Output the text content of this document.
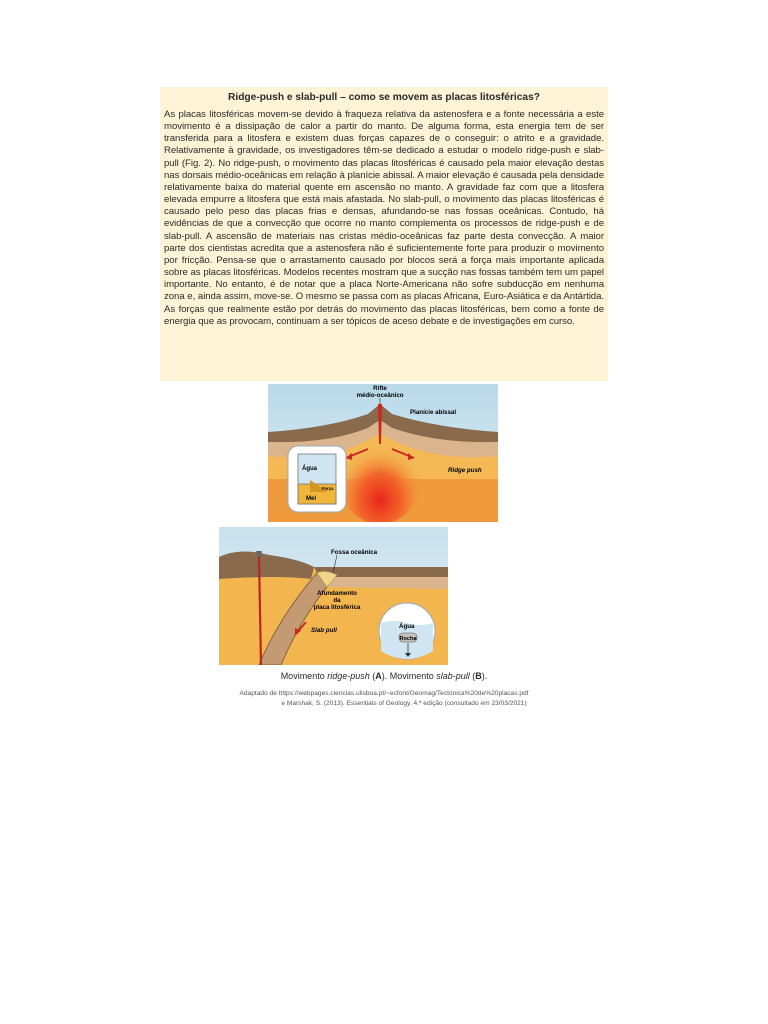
Ridge-push e slab-pull – como se movem as placas litosféricas?

As placas litosféricas movem-se devido à fraqueza relativa da astenosfera e a fonte necessária a este movimento é a dissipação de calor a partir do manto. De alguma forma, esta energia tem de ser transferida para a litosfera e existem duas forças capazes de o conseguir: o atrito e a gravidade. Relativamente à gravidade, os investigadores têm-se dedicado a estudar o modelo ridge-push e slab-pull (Fig. 2). No ridge-push, o movimento das placas litosféricas é causado pela maior elevação destas nas dorsais médio-oceânicas em relação à planície abissal. A maior elevação é causada pela densidade relativamente baixa do material quente em ascensão no manto. A gravidade faz com que a litosfera elevada empurre a litosfera que está mais afastada. No slab-pull, o movimento das placas litosféricas é causado pelo peso das placas frias e densas, afundando-se nas fossas oceânicas. Contudo, há evidências de que a convecção que ocorre no manto complementa os processos de ridge-push e de slab-pull. A ascensão de materiais nas cristas médio-oceânicas faz parte desta convecção. A maior parte dos cientistas acredita que a astenosfera não é suficientemente forte para produzir o movimento por fricção. Pensa-se que o arrastamento causado por blocos será a força mais importante aplicada sobre as placas litosféricas. Modelos recentes mostram que a sucção nas fossas também tem um papel importante. No entanto, é de notar que a placa Norte-Americana não sofre subducção em nenhuma zona e, ainda assim, move-se. O mesmo se passa com as placas Africana, Euro-Asiática e da Antártida. As forças que realmente estão por detrás do movimento das placas litosféricas, bem como a fonte de energia que as provocam, continuam a ser tópicos de aceso debate e de investigações em curso.

Rifte
médio-oceânico
Planície abissal
Ridge push
Água
Força
Mel
Fossa oceânica
Afundamento
da
placa litosférica
Slab pull
Água
Rocha
Movimento ridge-push (A). Movimento slab-pull (B).
Adaptado de https://webpages.ciencias.ulisboa.pt/~ecfont/Geomag/Tectónica%20de%20placas.pdf
e Marshak, S. (2013). Essentials of Geology. 4.ª edição (consultado em 23/03/2021)
